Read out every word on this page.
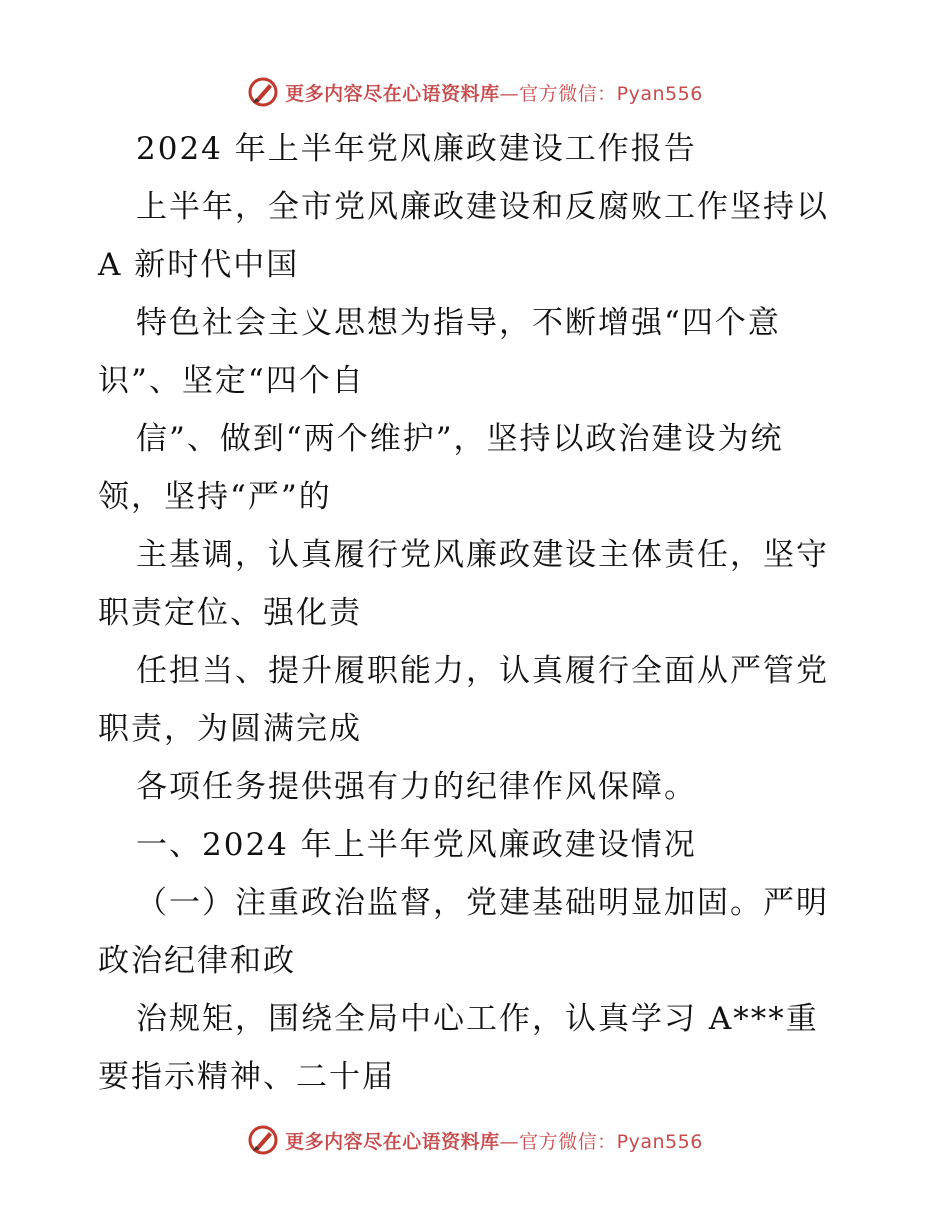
更多内容尽在心语资料库—官方微信：Pyan556
2024 年上半年党风廉政建设工作报告
上半年，全市党风廉政建设和反腐败工作坚持以
A 新时代中国
特色社会主义思想为指导，不断增强“四个意
识”、坚定“四个自
信”、做到“两个维护”，坚持以政治建设为统
领，坚持“严”的
主基调，认真履行党风廉政建设主体责任，坚守
职责定位、强化责
任担当、提升履职能力，认真履行全面从严管党
职责，为圆满完成
各项任务提供强有力的纪律作风保障。
一、2024 年上半年党风廉政建设情况
（一）注重政治监督，党建基础明显加固。严明
政治纪律和政
治规矩，围绕全局中心工作，认真学习 A***重
要指示精神、二十届
更多内容尽在心语资料库—官方微信：Pyan556
